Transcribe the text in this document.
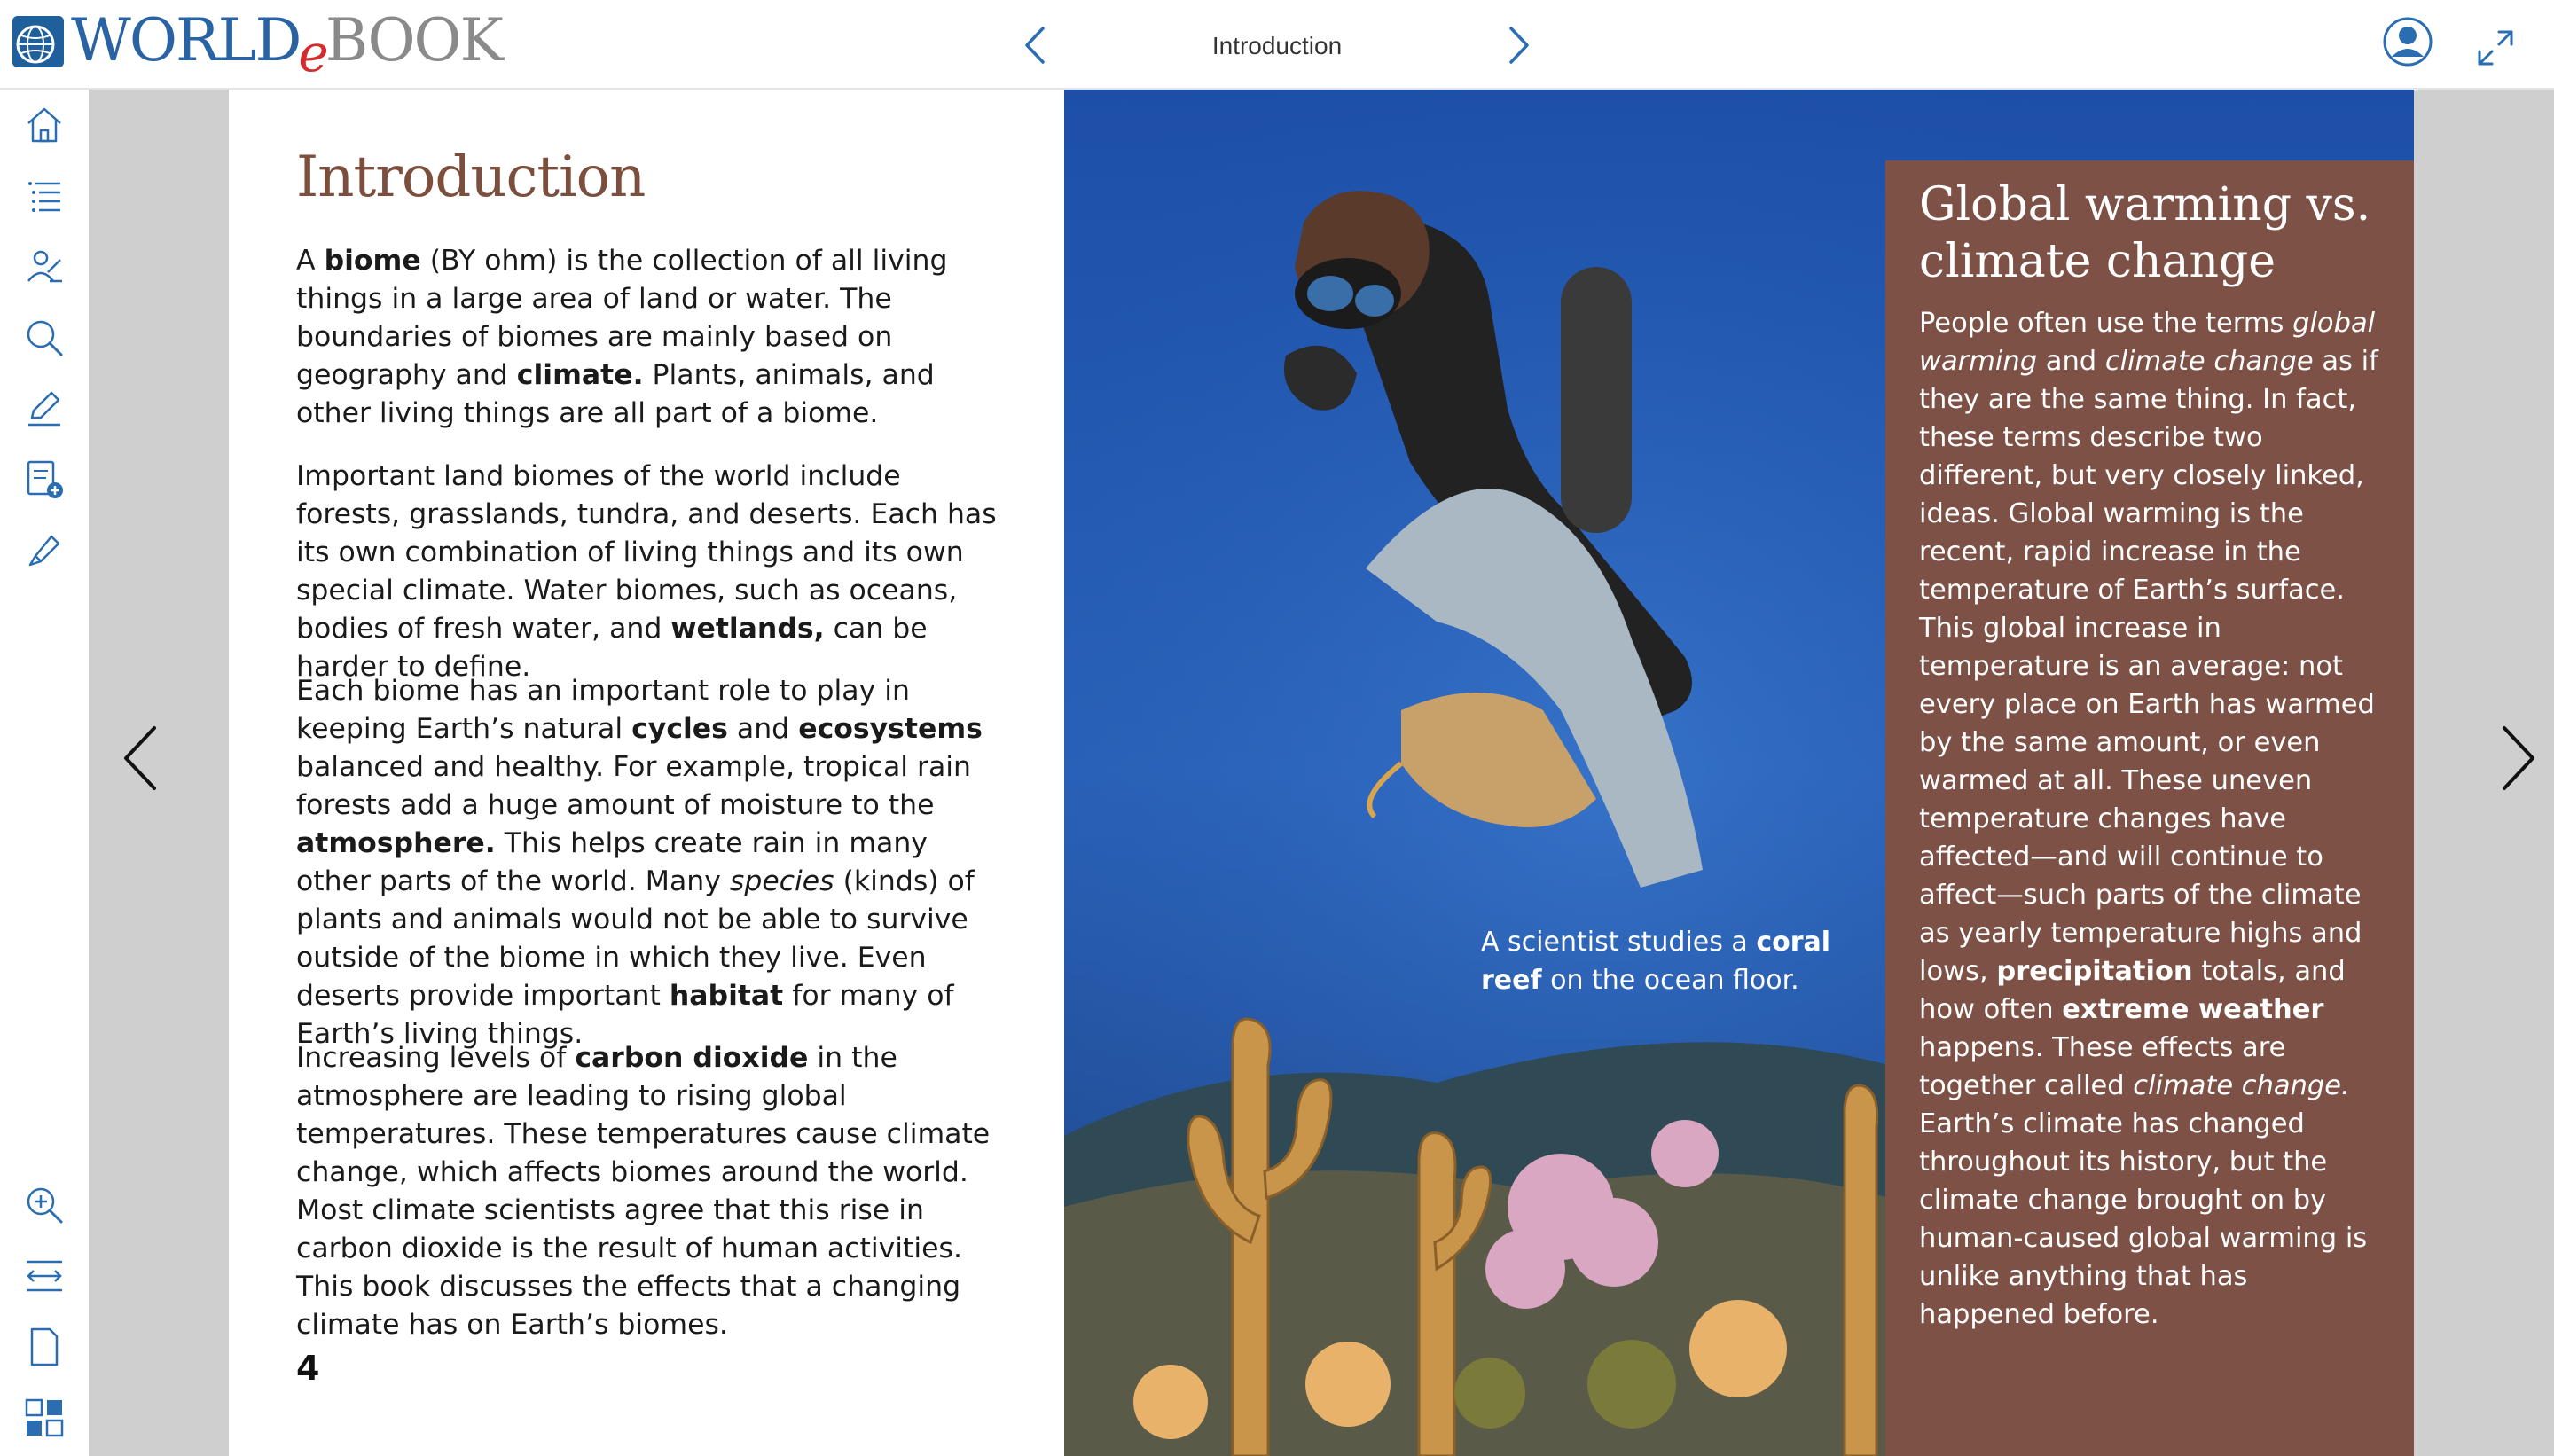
WORLDeBOOK	Introduction
Introduction

A biome (BY ohm) is the collection of all living things in a large area of land or water. The boundaries of biomes are mainly based on geography and climate. Plants, animals, and other living things are all part of a biome.

Important land biomes of the world include forests, grasslands, tundra, and deserts. Each has its own combination of living things and its own special climate. Water biomes, such as oceans, bodies of fresh water, and wetlands, can be harder to define.

Each biome has an important role to play in keeping Earth’s natural cycles and ecosystems balanced and healthy. For example, tropical rain forests add a huge amount of moisture to the atmosphere. This helps create rain in many other parts of the world. Many species (kinds) of plants and animals would not be able to survive outside of the biome in which they live. Even deserts provide important habitat for many of Earth’s living things.

Increasing levels of carbon dioxide in the atmosphere are leading to rising global temperatures. These temperatures cause climate change, which affects biomes around the world. Most climate scientists agree that this rise in carbon dioxide is the result of human activities. This book discusses the effects that a changing climate has on Earth’s biomes.

4
A scientist studies a coral reef on the ocean floor.
Global warming vs. climate change

People often use the terms global warming and climate change as if they are the same thing. In fact, these terms describe two different, but very closely linked, ideas. Global warming is the recent, rapid increase in the temperature of Earth’s surface. This global increase in temperature is an average: not every place on Earth has warmed by the same amount, or even warmed at all. These uneven temperature changes have affected—and will continue to affect—such parts of the climate as yearly temperature highs and lows, precipitation totals, and how often extreme weather happens. These effects are together called climate change. Earth’s climate has changed throughout its history, but the climate change brought on by human-caused global warming is unlike anything that has happened before.
